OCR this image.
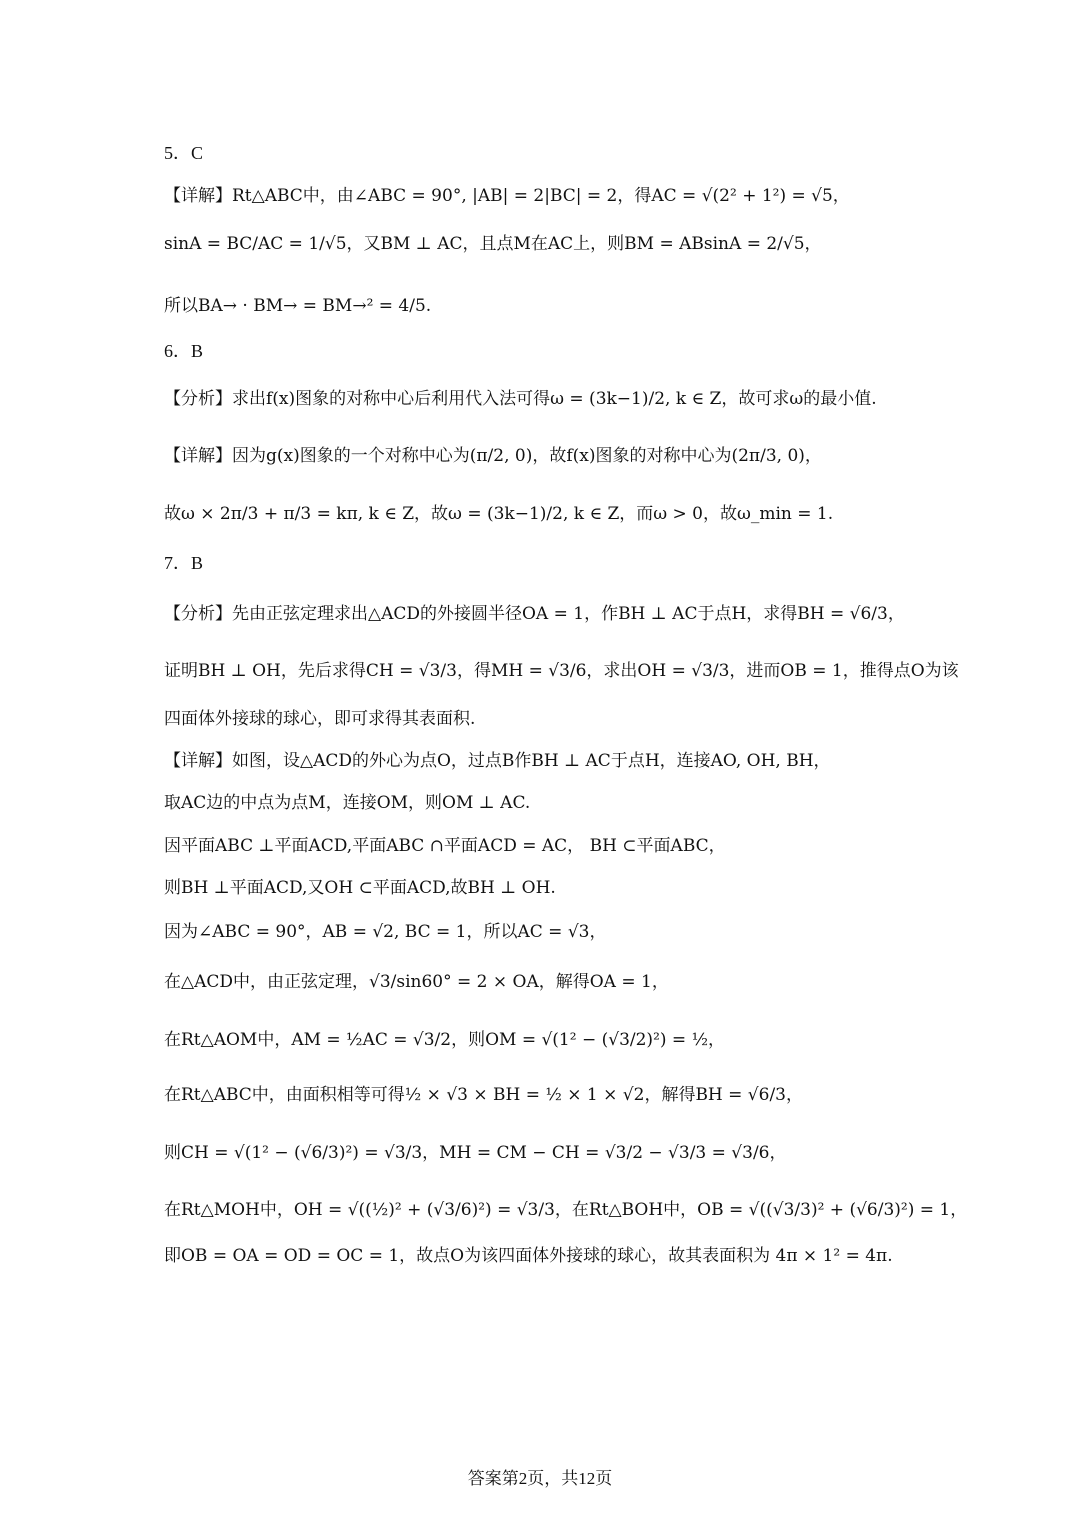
5．C
【详解】Rt△ABC中，由∠ABC = 90°, |AB| = 2|BC| = 2，得AC = √(2² + 1²) = √5，
sinA = BC/AC = 1/√5，又BM ⊥ AC，且点M在AC上，则BM = ABsinA = 2/√5，
所以BA→ · BM→ = BM→² = 4/5.
6．B
【分析】求出f(x)图象的对称中心后利用代入法可得ω = (3k−1)/2, k ∈ Z，故可求ω的最小值.
【详解】因为g(x)图象的一个对称中心为(π/2, 0)，故f(x)图象的对称中心为(2π/3, 0)，
故ω × 2π/3 + π/3 = kπ, k ∈ Z，故ω = (3k−1)/2, k ∈ Z，而ω > 0，故ω_min = 1.
7．B
【分析】先由正弦定理求出△ACD的外接圆半径OA = 1，作BH ⊥ AC于点H，求得BH = √6/3，
证明BH ⊥ OH，先后求得CH = √3/3，得MH = √3/6，求出OH = √3/3，进而OB = 1，推得点O为该
四面体外接球的球心，即可求得其表面积.
【详解】如图，设△ACD的外心为点O，过点B作BH ⊥ AC于点H，连接AO, OH, BH，
取AC边的中点为点M，连接OM，则OM ⊥ AC.
因平面ABC ⊥平面ACD,平面ABC ∩平面ACD = AC， BH ⊂平面ABC，
则BH ⊥平面ACD,又OH ⊂平面ACD,故BH ⊥ OH.
因为∠ABC = 90°，AB = √2, BC = 1，所以AC = √3，
在△ACD中，由正弦定理，√3/sin60° = 2 × OA，解得OA = 1，
在Rt△AOM中，AM = ½AC = √3/2，则OM = √(1² − (√3/2)²) = ½，
在Rt△ABC中，由面积相等可得½ × √3 × BH = ½ × 1 × √2，解得BH = √6/3，
则CH = √(1² − (√6/3)²) = √3/3，MH = CM − CH = √3/2 − √3/3 = √3/6，
在Rt△MOH中，OH = √((½)² + (√3/6)²) = √3/3，在Rt△BOH中，OB = √((√3/3)² + (√6/3)²) = 1，
即OB = OA = OD = OC = 1，故点O为该四面体外接球的球心，故其表面积为 4π × 1² = 4π.
答案第2页，共12页
